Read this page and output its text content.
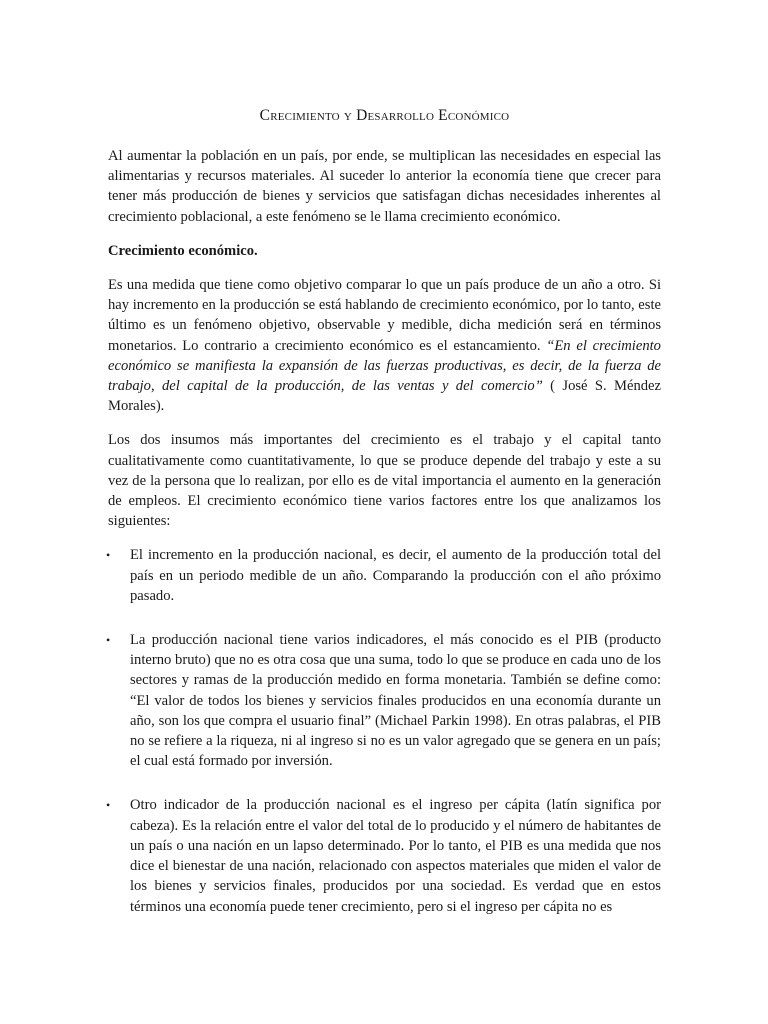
Crecimiento y Desarrollo Económico

Al aumentar la población en un país, por ende, se multiplican las necesidades en especial las alimentarias y recursos materiales. Al suceder lo anterior la economía tiene que crecer para tener más producción de bienes y servicios que satisfagan dichas necesidades inherentes al crecimiento poblacional, a este fenómeno se le llama crecimiento económico.

Crecimiento económico.

Es una medida que tiene como objetivo comparar lo que un país produce de un año a otro. Si hay incremento en la producción se está hablando de crecimiento económico, por lo tanto, este último es un fenómeno objetivo, observable y medible, dicha medición será en términos monetarios. Lo contrario a crecimiento económico es el estancamiento. “En el crecimiento económico se manifiesta la expansión de las fuerzas productivas, es decir, de la fuerza de trabajo, del capital de la producción, de las ventas y del comercio” ( José S. Méndez Morales).

Los dos insumos más importantes del crecimiento es el trabajo y el capital tanto cualitativamente como cuantitativamente, lo que se produce depende del trabajo y este a su vez de la persona que lo realizan, por ello es de vital importancia el aumento en la generación de empleos. El crecimiento económico tiene varios factores entre los que analizamos los siguientes:

• El incremento en la producción nacional, es decir, el aumento de la producción total del país en un periodo medible de un año. Comparando la producción con el año próximo pasado.
• La producción nacional tiene varios indicadores, el más conocido es el PIB (producto interno bruto) que no es otra cosa que una suma, todo lo que se produce en cada uno de los sectores y ramas de la producción medido en forma monetaria. También se define como: “El valor de todos los bienes y servicios finales producidos en una economía durante un año, son los que compra el usuario final” (Michael Parkin 1998). En otras palabras, el PIB no se refiere a la riqueza, ni al ingreso si no es un valor agregado que se genera en un país; el cual está formado por inversión.
• Otro indicador de la producción nacional es el ingreso per cápita (latín significa por cabeza). Es la relación entre el valor del total de lo producido y el número de habitantes de un país o una nación en un lapso determinado. Por lo tanto, el PIB es una medida que nos dice el bienestar de una nación, relacionado con aspectos materiales que miden el valor de los bienes y servicios finales, producidos por una sociedad. Es verdad que en estos términos una economía puede tener crecimiento, pero si el ingreso per cápita no es
